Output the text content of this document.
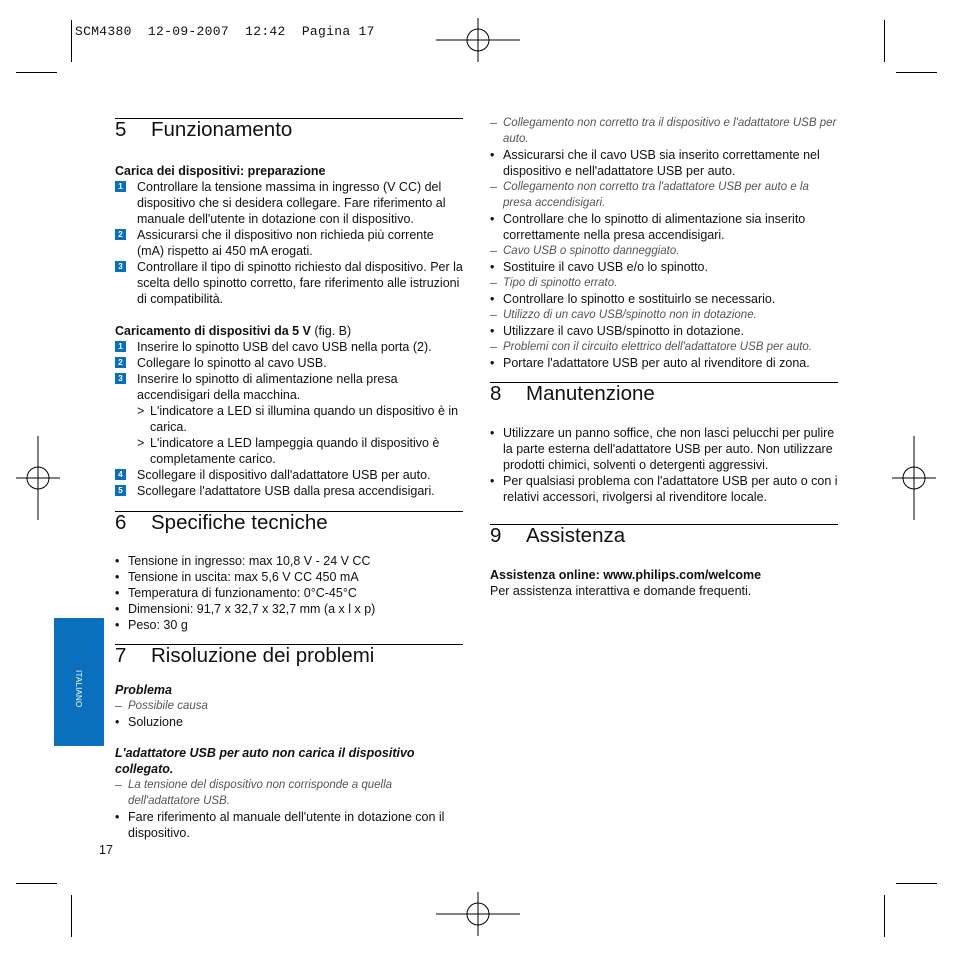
SCM4380  12-09-2007  12:42  Pagina 17
ITALIANO
5 Funzionamento

Carica dei dispositivi: preparazione

1 Controllare la tensione massima in ingresso (V CC) del dispositivo che si desidera collegare. Fare riferimento al manuale dell'utente in dotazione con il dispositivo.
2 Assicurarsi che il dispositivo non richieda più corrente (mA) rispetto ai 450 mA erogati.
3 Controllare il tipo di spinotto richiesto dal dispositivo. Per la scelta dello spinotto corretto, fare riferimento alle istruzioni di compatibilità.

Caricamento di dispositivi da 5 V (fig. B)

1 Inserire lo spinotto USB del cavo USB nella porta (2).
2 Collegare lo spinotto al cavo USB.
3 Inserire lo spinotto di alimentazione nella presa accendisigari della macchina.
> L'indicatore a LED si illumina quando un dispositivo è in carica.
> L'indicatore a LED lampeggia quando il dispositivo è completamente carico.
4 Scollegare il dispositivo dall'adattatore USB per auto.
5 Scollegare l'adattatore USB dalla presa accendisigari.
6 Specifiche tecniche
• Tensione in ingresso: max 10,8 V - 24 V CC
• Tensione in uscita: max 5,6 V CC 450 mA
• Temperatura di funzionamento: 0°C-45°C
• Dimensioni: 91,7 x 32,7 x 32,7 mm (a x l x p)
• Peso: 30 g
7 Risoluzione dei problemi
Problema
– Possibile causa
• Soluzione
L'adattatore USB per auto non carica il dispositivo collegato.
– La tensione del dispositivo non corrisponde a quella dell'adattatore USB.
• Fare riferimento al manuale dell'utente in dotazione con il dispositivo.
17
– Collegamento non corretto tra il dispositivo e l'adattatore USB per auto.
• Assicurarsi che il cavo USB sia inserito correttamente nel dispositivo e nell'adattatore USB per auto.
– Collegamento non corretto tra l'adattatore USB per auto e la presa accendisigari.
• Controllare che lo spinotto di alimentazione sia inserito correttamente nella presa accendisigari.
– Cavo USB o spinotto danneggiato.
• Sostituire il cavo USB e/o lo spinotto.
– Tipo di spinotto errato.
• Controllare lo spinotto e sostituirlo se necessario.
– Utilizzo di un cavo USB/spinotto non in dotazione.
• Utilizzare il cavo USB/spinotto in dotazione.
– Problemi con il circuito elettrico dell'adattatore USB per auto.
• Portare l'adattatore USB per auto al rivenditore di zona.
8 Manutenzione
• Utilizzare un panno soffice, che non lasci pelucchi per pulire la parte esterna dell'adattatore USB per auto. Non utilizzare prodotti chimici, solventi o detergenti aggressivi.
• Per qualsiasi problema con l'adattatore USB per auto o con i relativi accessori, rivolgersi al rivenditore locale.
9 Assistenza
Assistenza online: www.philips.com/welcome
Per assistenza interattiva e domande frequenti.
